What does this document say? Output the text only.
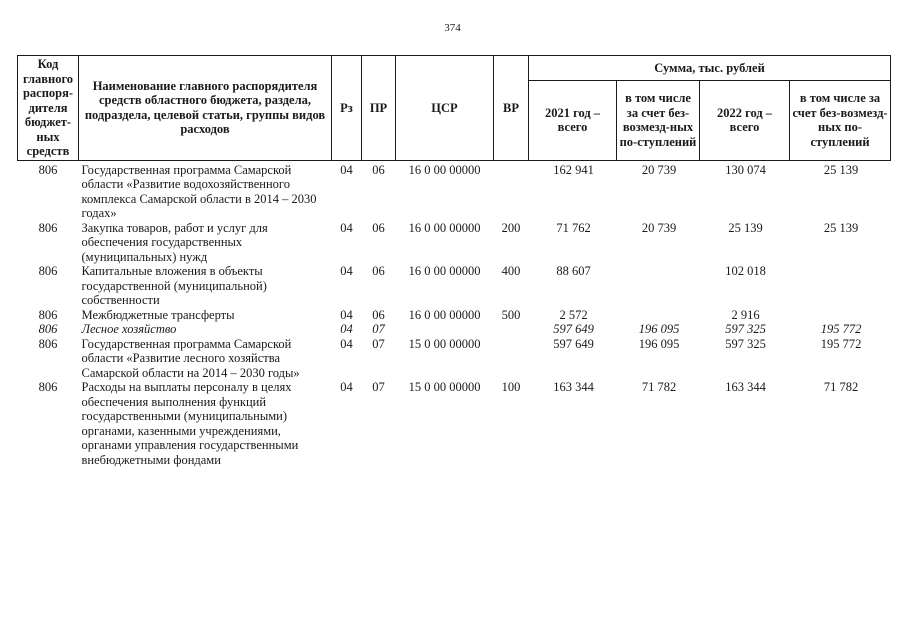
374
Код главного распоря-дителя бюджет-ных средств	Наименование главного распорядителя средств областного бюджета, раздела, подраздела, целевой статьи, группы видов расходов	Рз	ПР	ЦСР	ВР	Сумма, тыс. рублей			
						2021 год – всего	в том числе за счет без-возмезд-ных по-ступлений	2022 год – всего	в том числе за счет без-возмезд-ных по-ступлений
806	Государственная программа Самарской области «Развитие водохозяйственного комплекса Самарской области в 2014 – 2030 годах»	04	06	16 0 00 00000		162 941	20 739	130 074	25 139
806	Закупка товаров, работ и услуг для обеспечения государственных (муниципальных) нужд	04	06	16 0 00 00000	200	71 762	20 739	25 139	25 139
806	Капитальные вложения в объекты государственной (муниципальной) собственности	04	06	16 0 00 00000	400	88 607		102 018	
806	Межбюджетные трансферты	04	06	16 0 00 00000	500	2 572		2 916	
806	Лесное хозяйство	04	07			597 649	196 095	597 325	195 772
806	Государственная программа Самарской области «Развитие лесного хозяйства Самарской области на 2014 – 2030 годы»	04	07	15 0 00 00000		597 649	196 095	597 325	195 772
806	Расходы на выплаты персоналу в целях обеспечения выполнения функций государственными (муниципальными) органами, казенными учреждениями, органами управления государственными внебюджетными фондами	04	07	15 0 00 00000	100	163 344	71 782	163 344	71 782
